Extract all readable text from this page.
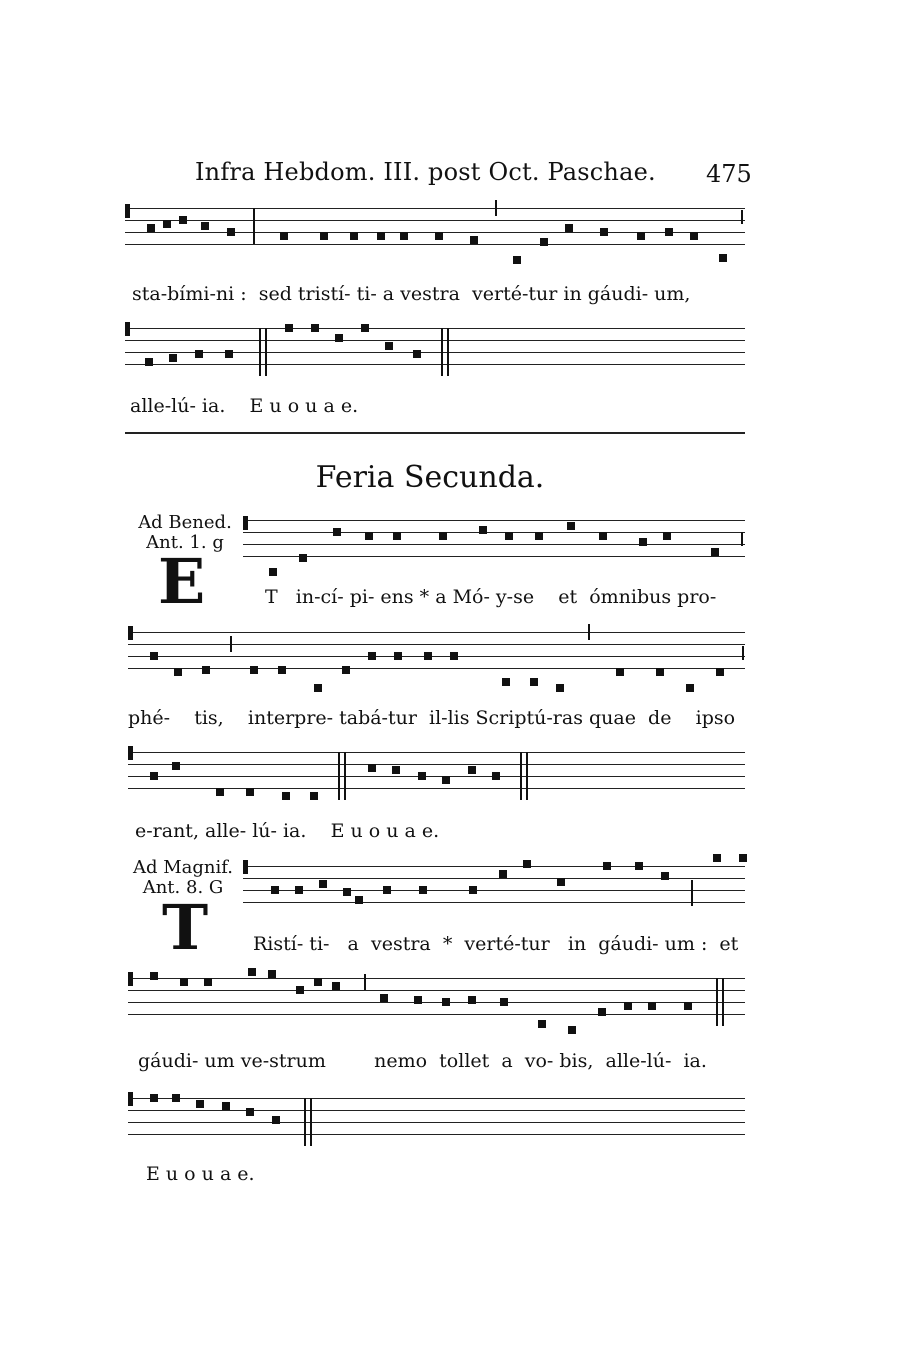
Infra Hebdom. III. post Oct. Paschae. 475
sta-bími-ni :  sed tristí- ti- a vestra  verté-tur in gáudi- um,
alle-lú- ia.    E u o u a e.
Feria Secunda.
Ad Bened.
Ant. 1. g
E	T   in-cí- pi- ens * a Mó- y-se    et  ómnibus pro-
phé-    tis,    interpre- tabá-tur  il-lis Scriptú-ras quae  de    ipso
e-rant, alle- lú- ia.    E u o u a e.
Ad Magnif.
Ant. 8. G
T Ristí- ti-   a  vestra  *  verté-tur   in  gáudi- um :  et
gáudi- um ve-strum        nemo  tollet  a  vo- bis,  alle-lú-  ia.
E u o u a e.
